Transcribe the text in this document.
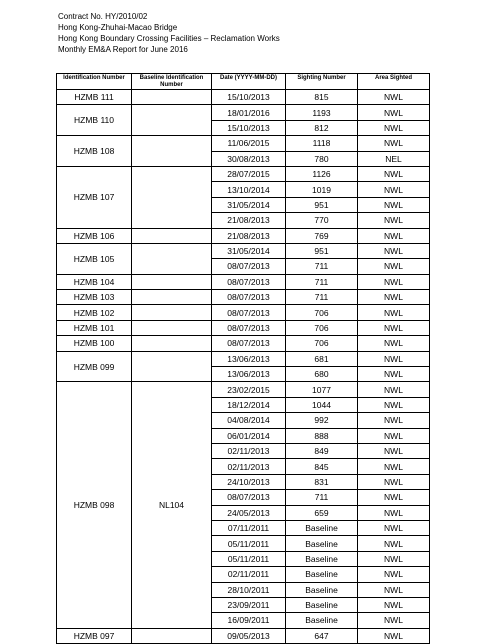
Contract No. HY/2010/02
Hong Kong-Zhuhai-Macao Bridge
Hong Kong Boundary Crossing Facilities – Reclamation Works
Monthly EM&A Report for June 2016
Identification Number	Baseline Identification Number	Date (YYYY-MM-DD)	Sighting Number	Area Sighted
HZMB 111		15/10/2013	815	NWL
HZMB 110		18/01/2016	1193	NWL
		15/10/2013	812	NWL
HZMB 108		11/06/2015	1118	NWL
		30/08/2013	780	NEL
HZMB 107		28/07/2015	1126	NWL
		13/10/2014	1019	NWL
		31/05/2014	951	NWL
		21/08/2013	770	NWL
HZMB 106		21/08/2013	769	NWL
HZMB 105		31/05/2014	951	NWL
		08/07/2013	711	NWL
HZMB 104		08/07/2013	711	NWL
HZMB 103		08/07/2013	711	NWL
HZMB 102		08/07/2013	706	NWL
HZMB 101		08/07/2013	706	NWL
HZMB 100		08/07/2013	706	NWL
HZMB 099		13/06/2013	681	NWL
		13/06/2013	680	NWL
HZMB 098	NL104	23/02/2015	1077	NWL
		18/12/2014	1044	NWL
		04/08/2014	992	NWL
		06/01/2014	888	NWL
		02/11/2013	849	NWL
		02/11/2013	845	NWL
		24/10/2013	831	NWL
		08/07/2013	711	NWL
		24/05/2013	659	NWL
		07/11/2011	Baseline	NWL
		05/11/2011	Baseline	NWL
		05/11/2011	Baseline	NWL
		02/11/2011	Baseline	NWL
		28/10/2011	Baseline	NWL
		23/09/2011	Baseline	NWL
		16/09/2011	Baseline	NWL
HZMB 097		09/05/2013	647	NWL
